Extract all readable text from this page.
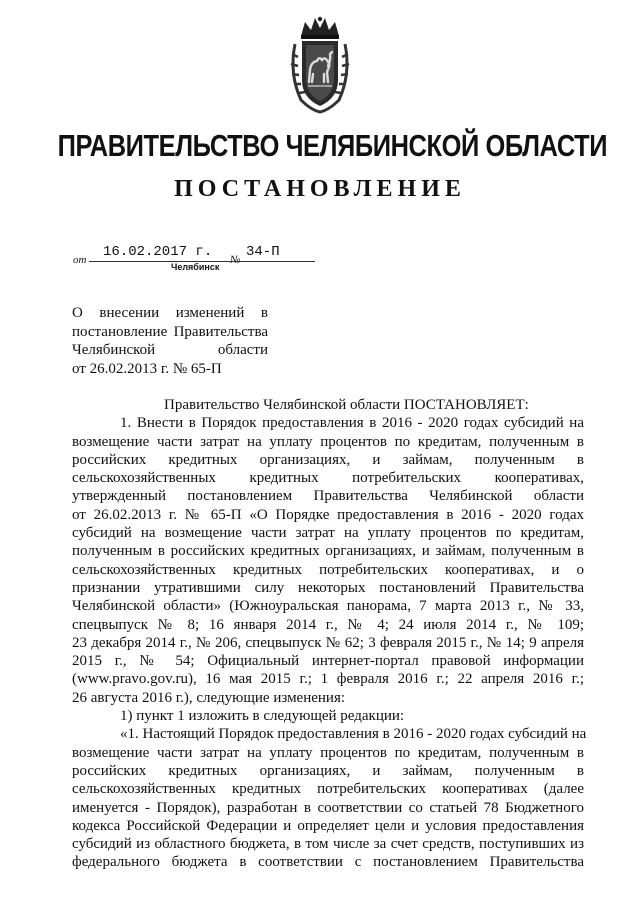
ПРАВИТЕЛЬСТВО ЧЕЛЯБИНСКОЙ ОБЛАСТИ
ПОСТАНОВЛЕНИЕ
от 16.02.2017 г. № 34-П
Челябинск
О внесении изменений в
постановление Правительства
Челябинской области
от 26.02.2013 г. № 65-П
Правительство Челябинской области ПОСТАНОВЛЯЕТ:
1. Внести в Порядок предоставления в 2016 - 2020 годах субсидий на
возмещение части затрат на уплату процентов по кредитам, полученным в
российских кредитных организациях, и займам, полученным в
сельскохозяйственных кредитных потребительских кооперативах,
утвержденный постановлением Правительства Челябинской области
от 26.02.2013 г. № 65-П «О Порядке предоставления в 2016 - 2020 годах
субсидий на возмещение части затрат на уплату процентов по кредитам,
полученным в российских кредитных организациях, и займам, полученным в
сельскохозяйственных кредитных потребительских кооперативах, и о
признании утратившими силу некоторых постановлений Правительства
Челябинской области» (Южноуральская панорама, 7 марта 2013 г., № 33,
спецвыпуск № 8; 16 января 2014 г., № 4; 24 июля 2014 г., № 109;
23 декабря 2014 г., № 206, спецвыпуск № 62; 3 февраля 2015 г., № 14; 9 апреля
2015 г., № 54; Официальный интернет-портал правовой информации
(www.pravo.gov.ru), 16 мая 2015 г.; 1 февраля 2016 г.; 22 апреля 2016 г.;
26 августа 2016 г.), следующие изменения:
1) пункт 1 изложить в следующей редакции:
«1. Настоящий Порядок предоставления в 2016 - 2020 годах субсидий на
возмещение части затрат на уплату процентов по кредитам, полученным в
российских кредитных организациях, и займам, полученным в
сельскохозяйственных кредитных потребительских кооперативах (далее
именуется - Порядок), разработан в соответствии со статьей 78 Бюджетного
кодекса Российской Федерации и определяет цели и условия предоставления
субсидий из областного бюджета, в том числе за счет средств, поступивших из
федерального бюджета в соответствии с постановлением Правительства
